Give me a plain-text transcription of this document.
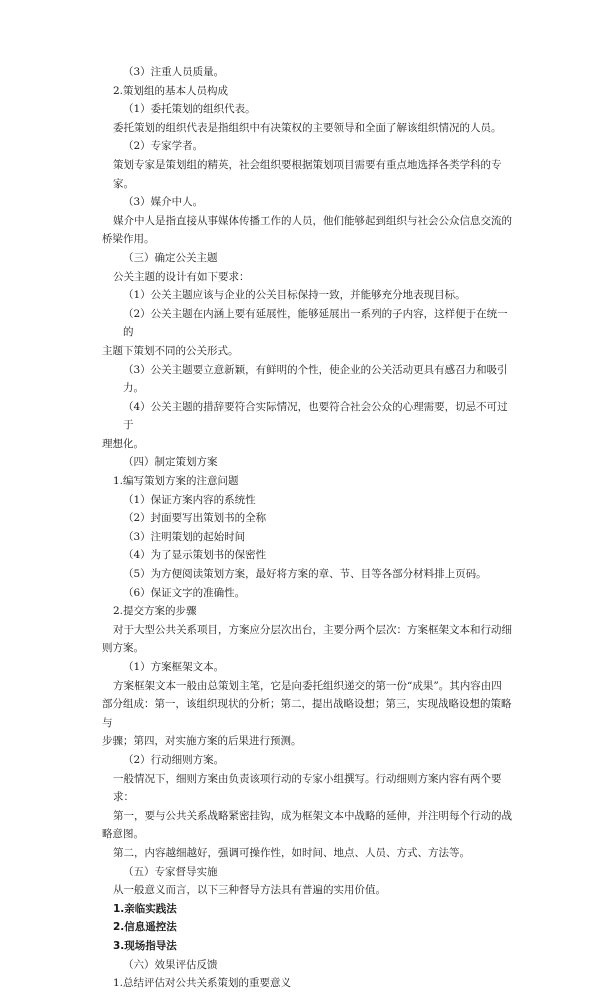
（3）注重人员质量。
2.策划组的基本人员构成
（1）委托策划的组织代表。
委托策划的组织代表是指组织中有决策权的主要领导和全面了解该组织情况的人员。
（2）专家学者。
策划专家是策划组的精英，社会组织要根据策划项目需要有重点地选择各类学科的专家。
（3）媒介中人。
媒介中人是指直接从事媒体传播工作的人员，他们能够起到组织与社会公众信息交流的
桥梁作用。
（三）确定公关主题
公关主题的设计有如下要求：
（1）公关主题应该与企业的公关目标保持一致，并能够充分地表现目标。
（2）公关主题在内涵上要有延展性，能够延展出一系列的子内容，这样便于在统一的
主题下策划不同的公关形式。
（3）公关主题要立意新颖，有鲜明的个性，使企业的公关活动更具有感召力和吸引力。
（4）公关主题的措辞要符合实际情况，也要符合社会公众的心理需要，切忌不可过于
理想化。
（四）制定策划方案
1.编写策划方案的注意问题
（1）保证方案内容的系统性
（2）封面要写出策划书的全称
（3）注明策划的起始时间
（4）为了显示策划书的保密性
（5）为方便阅读策划方案，最好将方案的章、节、目等各部分材料排上页码。
（6）保证文字的准确性。
2.提交方案的步骤
对于大型公共关系项目，方案应分层次出台，主要分两个层次：方案框架文本和行动细
则方案。
（1）方案框架文本。
方案框架文本一般由总策划主笔，它是向委托组织递交的第一份“成果”。其内容由四
部分组成：第一，该组织现状的分析；第二，提出战略设想；第三，实现战略设想的策略与
步骤；第四，对实施方案的后果进行预测。
（2）行动细则方案。
一般情况下，细则方案由负责该项行动的专家小组撰写。行动细则方案内容有两个要求：
第一，要与公共关系战略紧密挂钩，成为框架文本中战略的延伸，并注明每个行动的战
略意图。
第二，内容越细越好，强调可操作性，如时间、地点、人员、方式、方法等。
（五）专家督导实施
从一般意义而言，以下三种督导方法具有普遍的实用价值。
1.亲临实践法
2.信息遥控法
3.现场指导法
（六）效果评估反馈
1.总结评估对公共关系策划的重要意义
